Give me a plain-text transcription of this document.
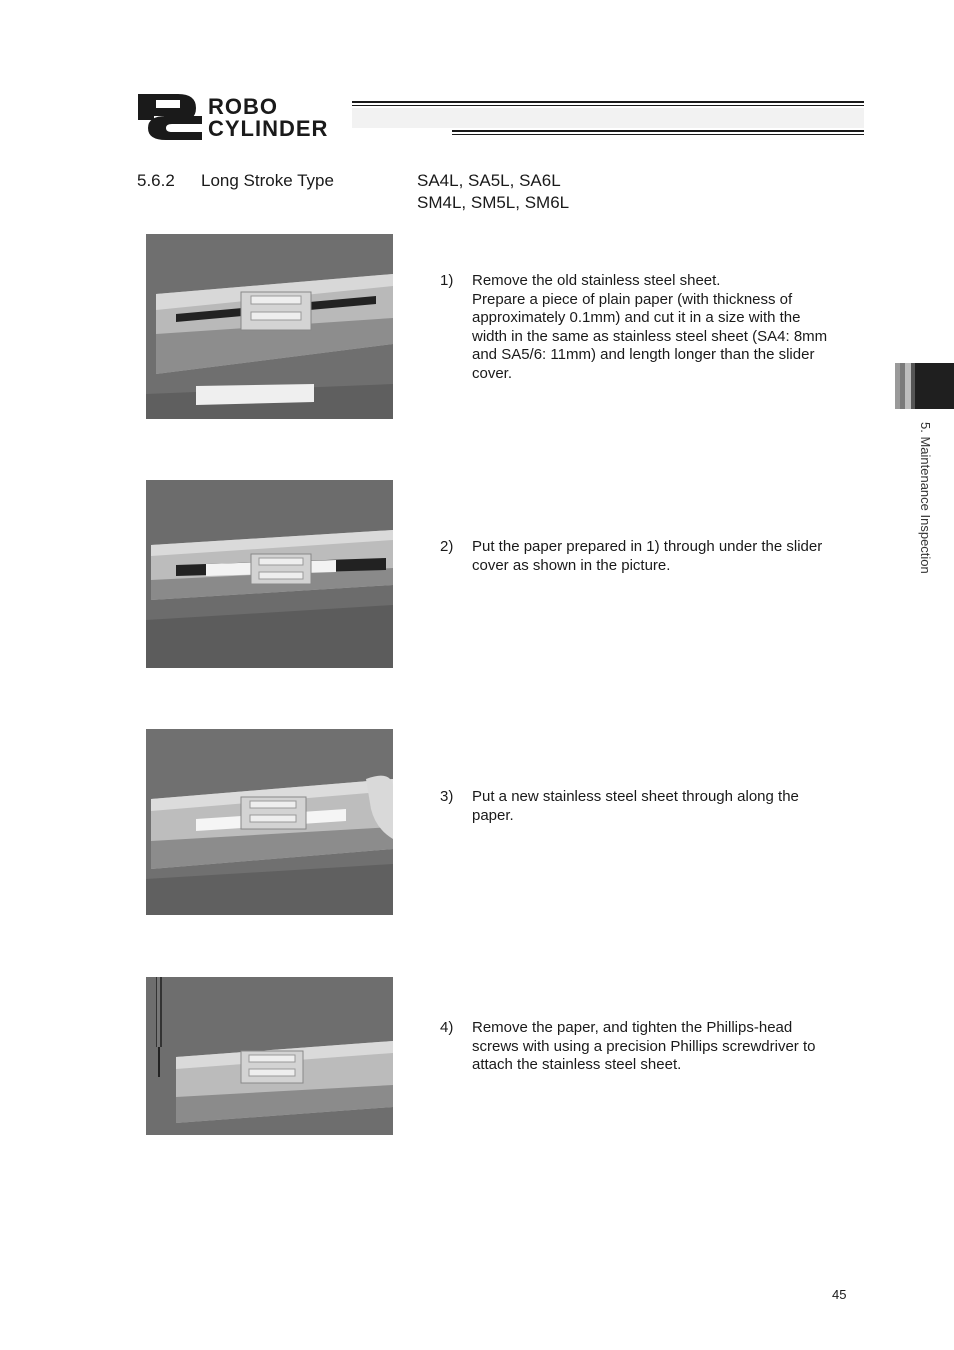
ROBO
CYLINDER
5.6.2 Long Stroke Type	SA4L, SA5L, SA6L
SM4L, SM5L, SM6L
1) Remove the old stainless steel sheet.
Prepare a piece of plain paper (with thickness of
approximately 0.1mm) and cut it in a size with the
width in the same as stainless steel sheet (SA4: 8mm
and SA5/6: 11mm) and length longer than the slider
cover.
2) Put the paper prepared in 1) through under the slider
cover as shown in the picture.
3) Put a new stainless steel sheet through along the
paper.
4) Remove the paper, and tighten the Phillips-head
screws with using a precision Phillips screwdriver to
attach the stainless steel sheet.
5. Maintenance Inspection
45
